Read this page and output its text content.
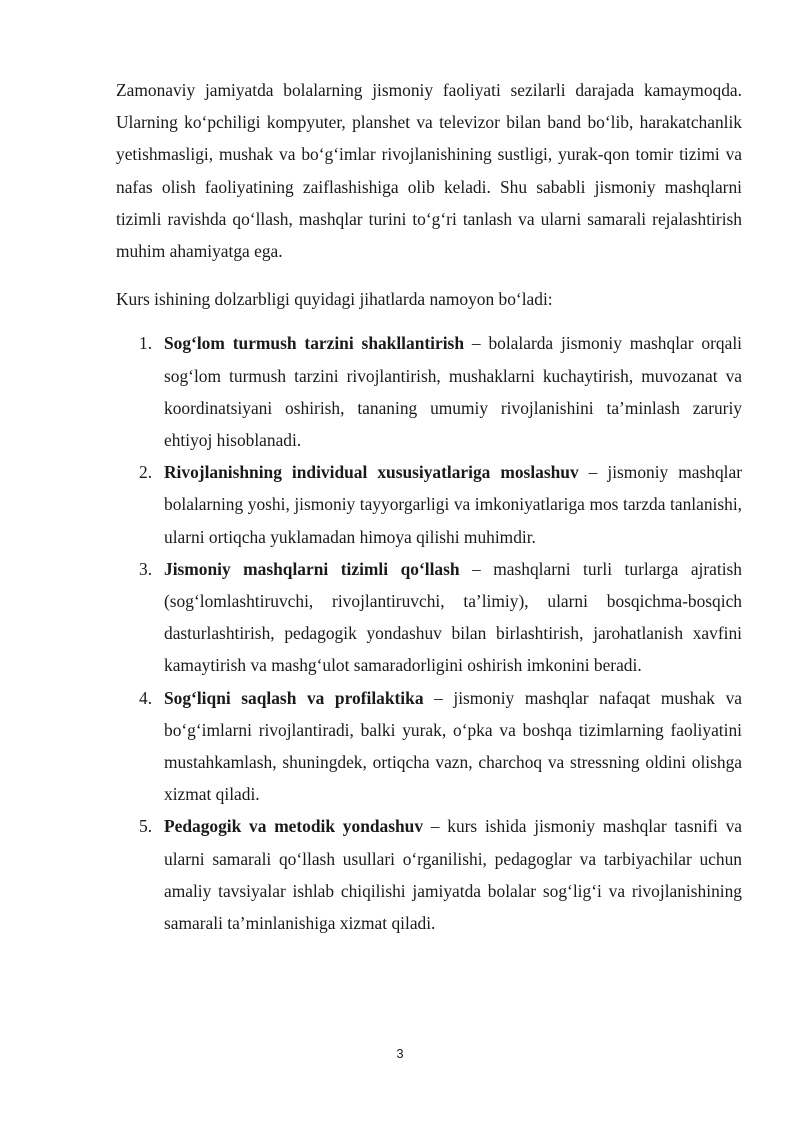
Zamonaviy jamiyatda bolalarning jismoniy faoliyati sezilarli darajada kamaymoqda. Ularning koʻpchiligi kompyuter, planshet va televizor bilan band boʻlib, harakatchanlik yetishmasligi, mushak va boʻgʻimlar rivojlanishining sustligi, yurak-qon tomir tizimi va nafas olish faoliyatining zaiflashishiga olib keladi. Shu sababli jismoniy mashqlarni tizimli ravishda qoʻllash, mashqlar turini toʻgʻri tanlash va ularni samarali rejalashtirish muhim ahamiyatga ega.

Kurs ishining dolzarbligi quyidagi jihatlarda namoyon boʻladi:

1. Sogʻlom turmush tarzini shakllantirish – bolalarda jismoniy mashqlar orqali sogʻlom turmush tarzini rivojlantirish, mushaklarni kuchaytirish, muvozanat va koordinatsiyani oshirish, tananing umumiy rivojlanishini taʼminlash zaruriy ehtiyoj hisoblanadi.
2. Rivojlanishning individual xususiyatlariga moslashuv – jismoniy mashqlar bolalarning yoshi, jismoniy tayyorgarligi va imkoniyatlariga mos tarzda tanlanishi, ularni ortiqcha yuklamadan himoya qilishi muhimdir.
3. Jismoniy mashqlarni tizimli qoʻllash – mashqlarni turli turlarga ajratish (sogʻlomlashtiruvchi, rivojlantiruvchi, taʼlimiy), ularni bosqichma-bosqich dasturlashtirish, pedagogik yondashuv bilan birlashtirish, jarohatlanish xavfini kamaytirish va mashgʻulot samaradorligini oshirish imkonini beradi.
4. Sogʻliqni saqlash va profilaktika – jismoniy mashqlar nafaqat mushak va boʻgʻimlarni rivojlantiradi, balki yurak, oʻpka va boshqa tizimlarning faoliyatini mustahkamlash, shuningdek, ortiqcha vazn, charchoq va stressning oldini olishga xizmat qiladi.
5. Pedagogik va metodik yondashuv – kurs ishida jismoniy mashqlar tasnifi va ularni samarali qoʻllash usullari oʻrganilishi, pedagoglar va tarbiyachilar uchun amaliy tavsiyalar ishlab chiqilishi jamiyatda bolalar sogʻligʻi va rivojlanishining samarali taʼminlanishiga xizmat qiladi.
3
